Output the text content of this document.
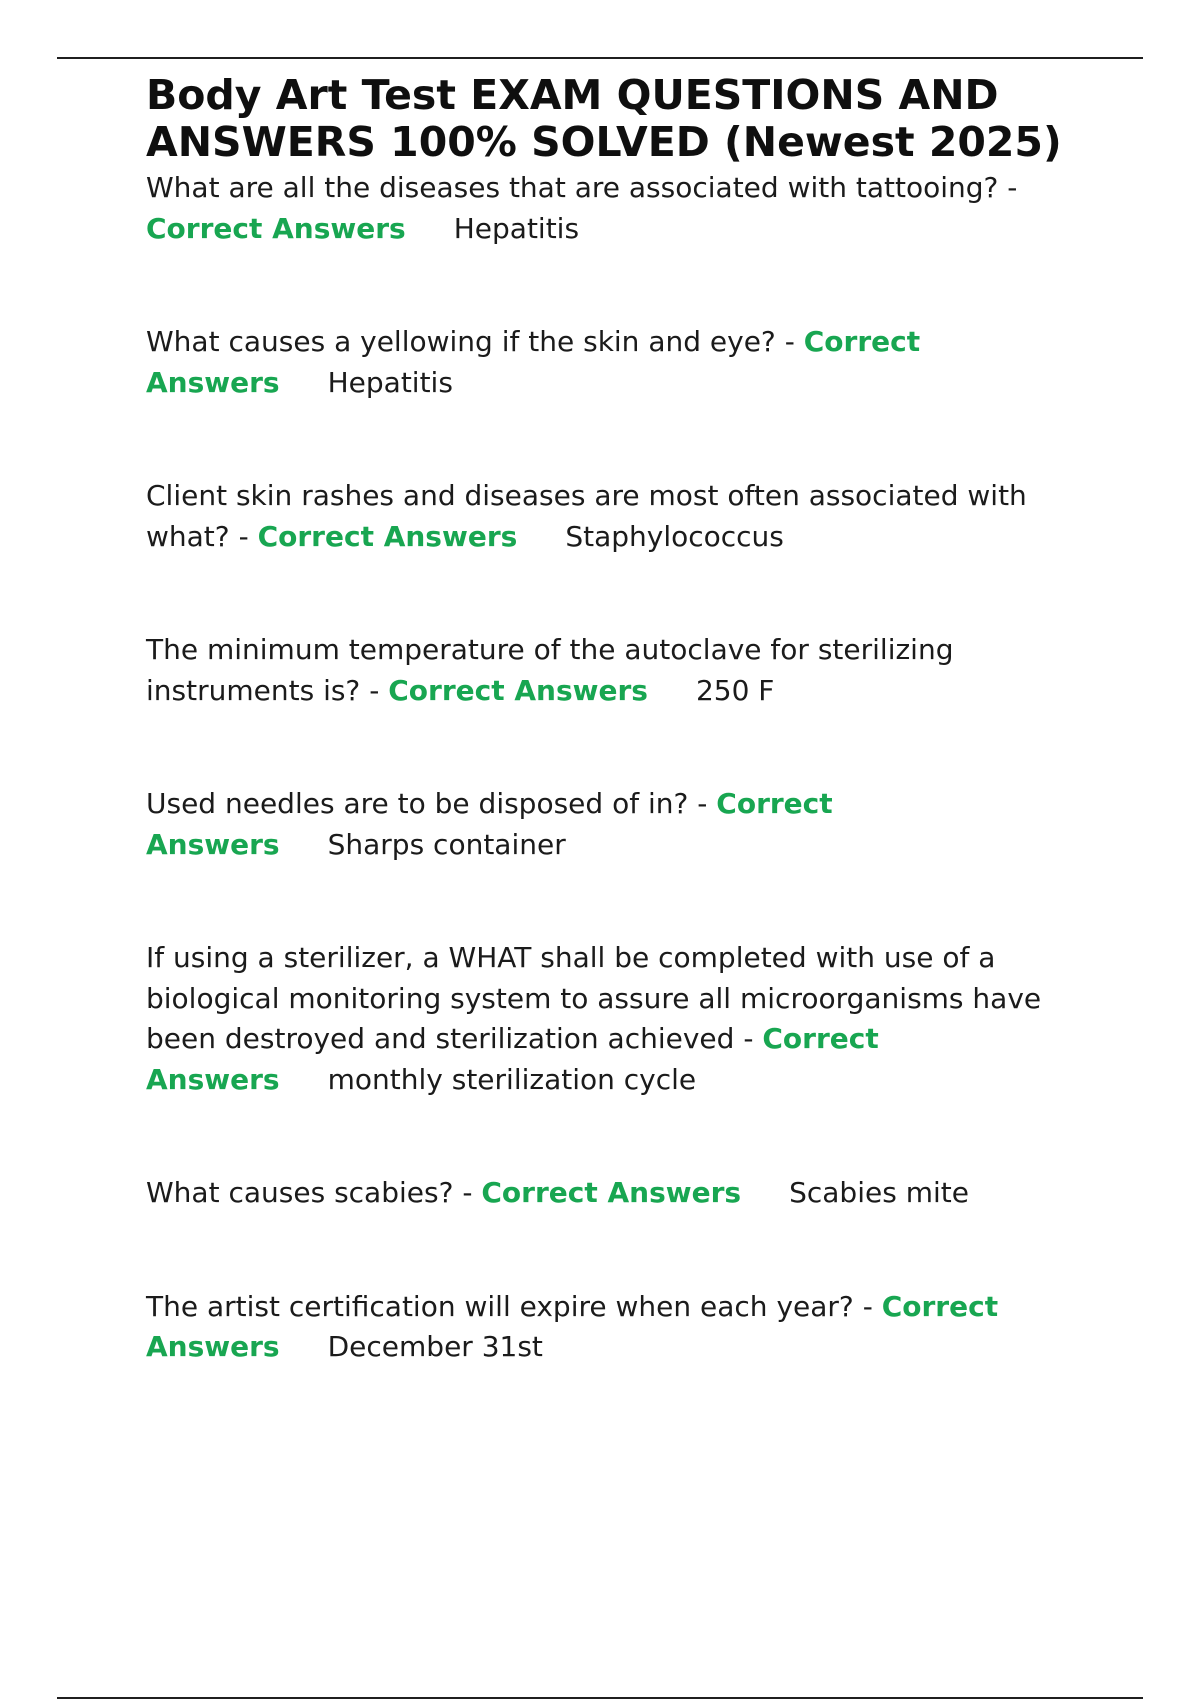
Body Art Test EXAM QUESTIONS AND ANSWERS 100% SOLVED (Newest 2025)
What are all the diseases that are associated with tattooing? - Correct Answers Hepatitis
What causes a yellowing if the skin and eye? - Correct Answers Hepatitis
Client skin rashes and diseases are most often associated with what? - Correct Answers Staphylococcus
The minimum temperature of the autoclave for sterilizing instruments is? - Correct Answers 250 F
Used needles are to be disposed of in? - Correct Answers Sharps container
If using a sterilizer, a WHAT shall be completed with use of a biological monitoring system to assure all microorganisms have been destroyed and sterilization achieved - Correct Answers monthly sterilization cycle
What causes scabies? - Correct Answers Scabies mite
The artist certification will expire when each year? - Correct Answers December 31st
